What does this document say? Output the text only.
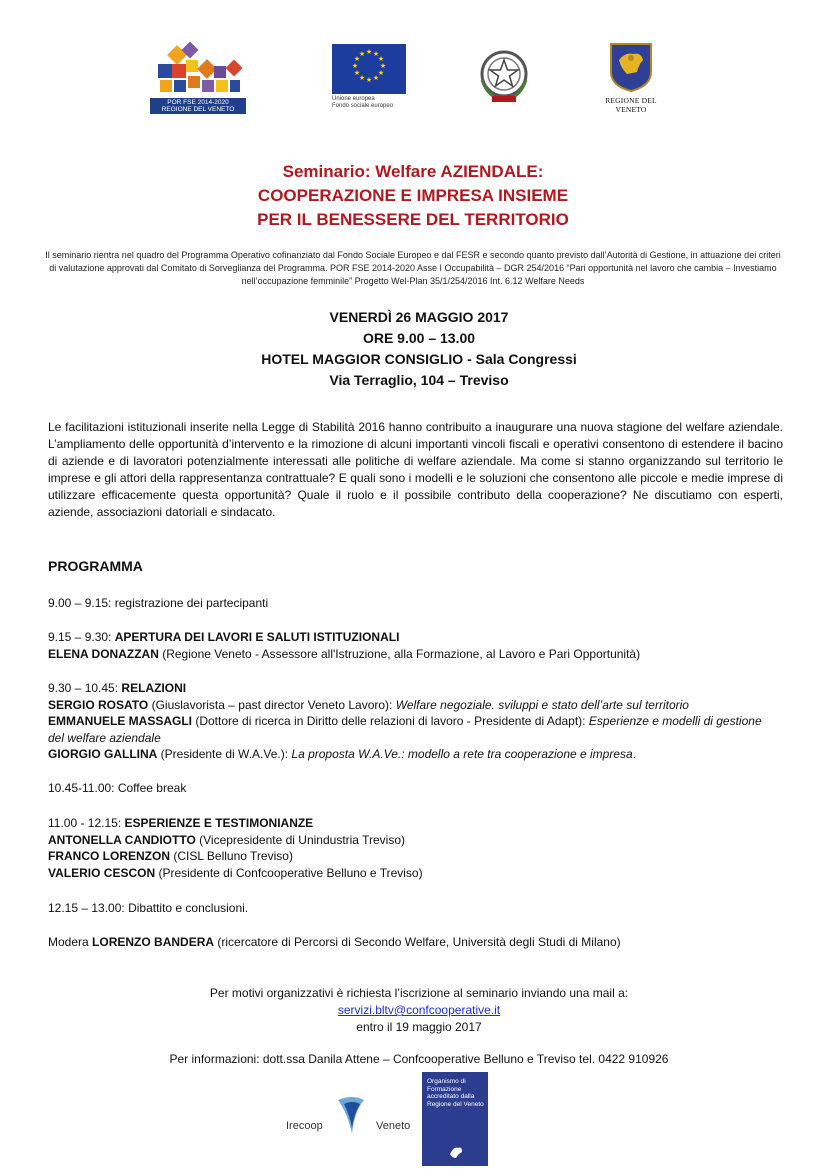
POR FSE 2014-2020
REGIONE DEL VENETO
★ ★
★
★
★
★
★
★
★
★
★
★
Unione europea
Fondo sociale europeo
REGIONE DEL VENETO
Seminario: Welfare AZIENDALE:
COOPERAZIONE E IMPRESA INSIEME
PER IL BENESSERE DEL TERRITORIO
Il seminario rientra nel quadro del Programma Operativo cofinanziato dal Fondo Sociale Europeo e dal FESR e secondo quanto previsto dall’Autorità di Gestione, in attuazione dei criteri di valutazione approvati dal Comitato di Sorveglianza del Programma. POR FSE 2014-2020 Asse I Occupabilità – DGR 254/2016 “Pari opportunità nel lavoro che cambia – Investiamo nell’occupazione femminile” Progetto Wel-Plan 35/1/254/2016 Int. 6.12 Welfare Needs
VENERDÌ 26 MAGGIO 2017
ORE 9.00 – 13.00
HOTEL MAGGIOR CONSIGLIO - Sala Congressi
Via Terraglio, 104 – Treviso
Le facilitazioni istituzionali inserite nella Legge di Stabilità 2016 hanno contribuito a inaugurare una nuova stagione del welfare aziendale. L’ampliamento delle opportunità d’intervento e la rimozione di alcuni importanti vincoli fiscali e operativi consentono di estendere il bacino di aziende e di lavoratori potenzialmente interessati alle politiche di welfare aziendale. Ma come si stanno organizzando sul territorio le imprese e gli attori della rappresentanza contrattuale? E quali sono i modelli e le soluzioni che consentono alle piccole e medie imprese di utilizzare efficacemente questa opportunità? Quale il ruolo e il possibile contributo della cooperazione? Ne discutiamo con esperti, aziende, associazioni datoriali e sindacato.
PROGRAMMA
9.00 – 9.15: registrazione dei partecipanti
9.15 – 9.30: APERTURA DEI LAVORI E SALUTI ISTITUZIONALI
ELENA DONAZZAN (Regione Veneto - Assessore all'Istruzione, alla Formazione, al Lavoro e Pari Opportunità)
9.30 – 10.45: RELAZIONI
SERGIO ROSATO (Giuslavorista – past director Veneto Lavoro): Welfare negoziale. sviluppi e stato dell’arte sul territorio
EMMANUELE MASSAGLI (Dottore di ricerca in Diritto delle relazioni di lavoro - Presidente di Adapt): Esperienze e modelli di gestione del welfare aziendale
GIORGIO GALLINA (Presidente di W.A.Ve.): La proposta W.A.Ve.: modello a rete tra cooperazione e impresa.
10.45-11.00: Coffee break
11.00 - 12.15: ESPERIENZE E TESTIMONIANZE
ANTONELLA CANDIOTTO (Vicepresidente di Unindustria Treviso)
FRANCO LORENZON (CISL Belluno Treviso)
VALERIO CESCON (Presidente di Confcooperative Belluno e Treviso)
12.15 – 13.00: Dibattito e conclusioni.
Modera LORENZO BANDERA (ricercatore di Percorsi di Secondo Welfare, Università degli Studi di Milano)
Per motivi organizzativi è richiesta l’iscrizione al seminario inviando una mail a:
servizi.bltv@confcooperative.it
entro il 19 maggio 2017
Per informazioni: dott.ssa Danila Attene – Confcooperative Belluno e Treviso tel. 0422 910926
Irecoop	Veneto
Organismo di Formazione accreditato dalla Regione del Veneto
